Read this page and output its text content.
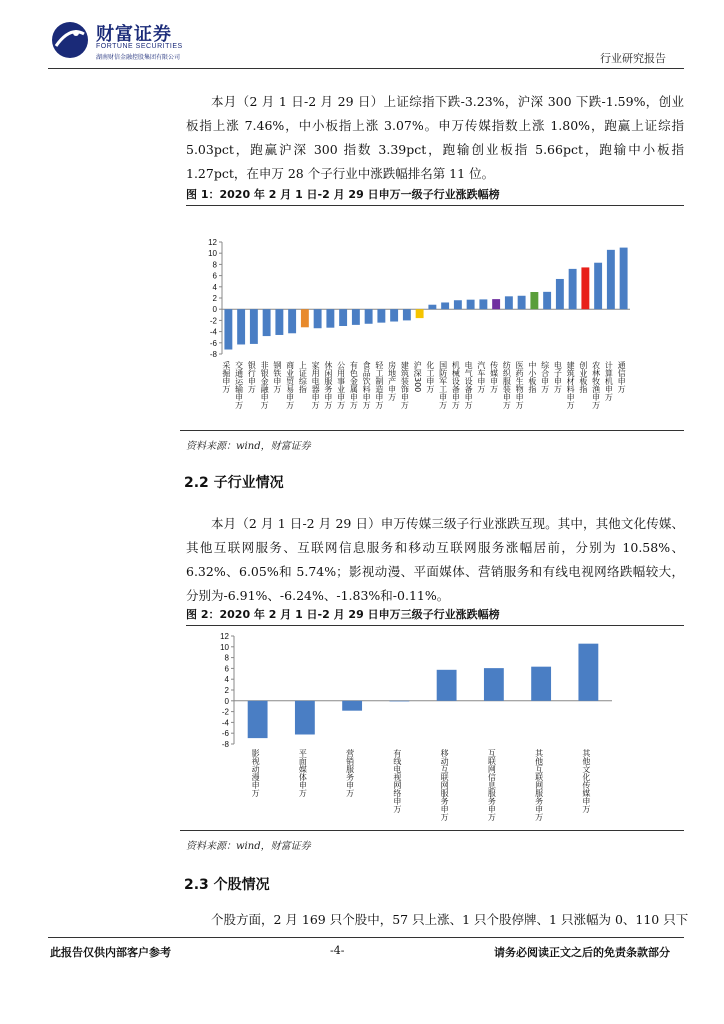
财富证券
FORTUNE SECURITIES
湖南财信金融控股集团有限公司	行业研究报告

本月（2 月 1 日-2 月 29 日）上证综指下跌-3.23%，沪深 300 下跌-1.59%，创业板指上涨 7.46%，中小板指上涨 3.07%。申万传媒指数上涨 1.80%，跑赢上证综指 5.03pct，跑赢沪深 300 指数 3.39pct，跑输创业板指 5.66pct，跑输中小板指 1.27pct，在申万 28 个子行业中涨跌幅排名第 11 位。

图 1：2020 年 2 月 1 日-2 月 29 日申万一级子行业涨跌幅榜
-8
-6
-4
-2
0
2
4
6
8
10
12
采掘申万 交通运输申万 银行申万 非银金融申万 钢铁申万 商业贸易申万 上证综指 家用电器申万 休闲服务申万 公用事业申万 有色金属申万 食品饮料申万 轻工制造申万 房地产申万 建筑装饰申万 沪深300 化工申万 国防军工申万 机械设备申万 电气设备申万 汽车申万 传媒申万 纺织服装申万 医药生物申万 中小板指 综合申万 电子申万 建筑材料申万 创业板指 农林牧渔申万 计算机申万 通信申万
资料来源：wind，财富证券
2.2 子行业情况

本月（2 月 1 日-2 月 29 日）申万传媒三级子行业涨跌互现。其中，其他文化传媒、其他互联网服务、互联网信息服务和移动互联网服务涨幅居前，分别为 10.58%、6.32%、6.05%和 5.74%；影视动漫、平面媒体、营销服务和有线电视网络跌幅较大，分别为-6.91%、-6.24%、-1.83%和-0.11%。

图 2：2020 年 2 月 1 日-2 月 29 日申万三级子行业涨跌幅榜
-8
-6
-4
-2
0
2
4
6
8
10
12
影视动漫申万	平面媒体申万	营销服务申万	有线电视网络申万	移动互联网服务申万	互联网信息服务申万	其他互联网服务申万	其他文化传媒申万
资料来源：wind，财富证券
2.3 个股情况

个股方面，2 月 169 只个股中，57 只上涨、1 只个股停牌、1 只涨幅为 0、110 只下

此报告仅供内部客户参考	-4-	请务必阅读正文之后的免责条款部分
